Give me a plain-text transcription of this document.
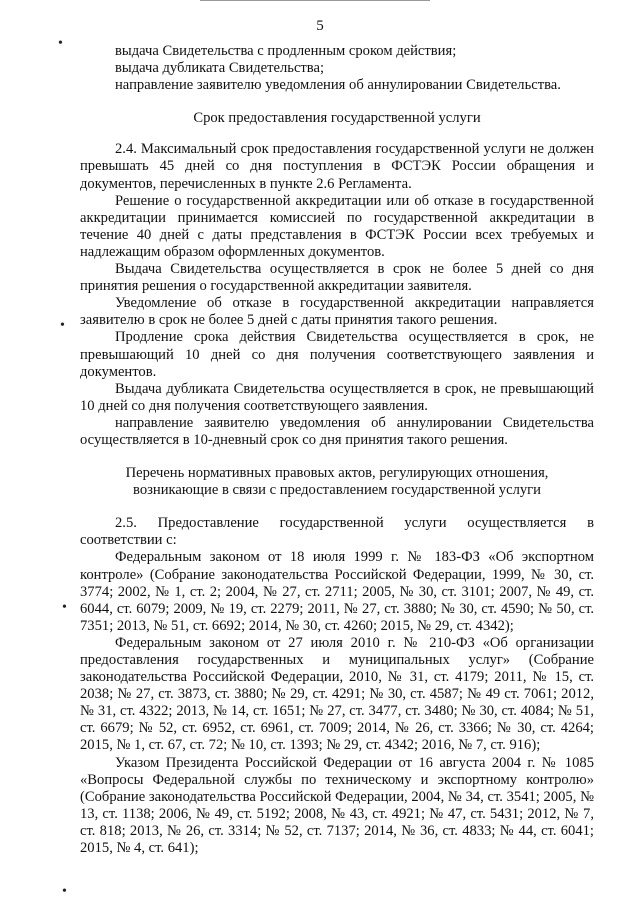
5
•
•
•
•

выдача Свидетельства с продленным сроком действия;

выдача дубликата Свидетельства;

направление заявителю уведомления об аннулировании Свидетельства.

Срок предоставления государственной услуги

2.4. Максимальный срок предоставления государственной услуги не должен превышать 45 дней со дня поступления в ФСТЭК России обращения и документов, перечисленных в пункте 2.6 Регламента.

Решение о государственной аккредитации или об отказе в государственной аккредитации принимается комиссией по государственной аккредитации в течение 40 дней с даты представления в ФСТЭК России всех требуемых и надлежащим образом оформленных документов.

Выдача Свидетельства осуществляется в срок не более 5 дней со дня принятия решения о государственной аккредитации заявителя.

Уведомление об отказе в государственной аккредитации направляется заявителю в срок не более 5 дней с даты принятия такого решения.

Продление срока действия Свидетельства осуществляется в срок, не превышающий 10 дней со дня получения соответствующего заявления и документов.

Выдача дубликата Свидетельства осуществляется в срок, не превышающий 10 дней со дня получения соответствующего заявления.

направление заявителю уведомления об аннулировании Свидетельства осуществляется в 10-дневный срок со дня принятия такого решения.

Перечень нормативных правовых актов, регулирующих отношения, возникающие в связи с предоставлением государственной услуги

2.5. Предоставление государственной услуги осуществляется в соответствии с:

Федеральным законом от 18 июля 1999 г. № 183-ФЗ «Об экспортном контроле» (Собрание законодательства Российской Федерации, 1999, № 30, ст. 3774; 2002, № 1, ст. 2; 2004, № 27, ст. 2711; 2005, № 30, ст. 3101; 2007, № 49, ст. 6044, ст. 6079; 2009, № 19, ст. 2279; 2011, № 27, ст. 3880; № 30, ст. 4590; № 50, ст. 7351; 2013, № 51, ст. 6692; 2014, № 30, ст. 4260; 2015, № 29, ст. 4342);

Федеральным законом от 27 июля 2010 г. № 210-ФЗ «Об организации предоставления государственных и муниципальных услуг» (Собрание законодательства Российской Федерации, 2010, № 31, ст. 4179; 2011, № 15, ст. 2038; № 27, ст. 3873, ст. 3880; № 29, ст. 4291; № 30, ст. 4587; № 49 ст. 7061; 2012, № 31, ст. 4322; 2013, № 14, ст. 1651; № 27, ст. 3477, ст. 3480; № 30, ст. 4084; № 51, ст. 6679; № 52, ст. 6952, ст. 6961, ст. 7009; 2014, № 26, ст. 3366; № 30, ст. 4264; 2015, № 1, ст. 67, ст. 72; № 10, ст. 1393; № 29, ст. 4342; 2016, № 7, ст. 916);

Указом Президента Российской Федерации от 16 августа 2004 г. № 1085 «Вопросы Федеральной службы по техническому и экспортному контролю» (Собрание законодательства Российской Федерации, 2004, № 34, ст. 3541; 2005, № 13, ст. 1138; 2006, № 49, ст. 5192; 2008, № 43, ст. 4921; № 47, ст. 5431; 2012, № 7, ст. 818; 2013, № 26, ст. 3314; № 52, ст. 7137; 2014, № 36, ст. 4833; № 44, ст. 6041; 2015, № 4, ст. 641);
